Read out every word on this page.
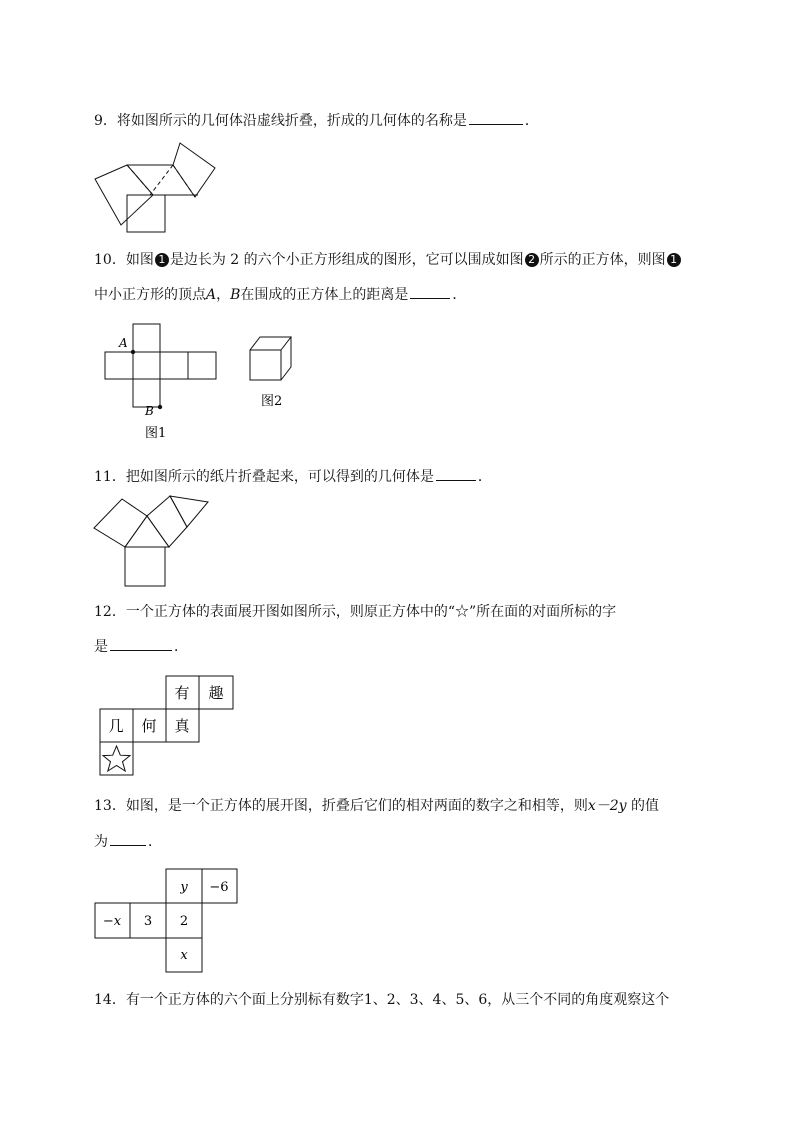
9．将如图所示的几何体沿虚线折叠，折成的几何体的名称是	．
10．如图 1 是边长为 2 的六个小正方形组成的图形，它可以围成如图 2 所示的正方体，则图 1
中小正方形的顶点A，B在围成的正方体上的距离是	．
A
B
图1
图2
11．把如图所示的纸片折叠起来，可以得到的几何体是	．
12．一个正方体的表面展开图如图所示，则原正方体中的“☆”所在面的对面所标的字
是	．
有 趣
几 何 真
13．如图，是一个正方体的展开图，折叠后它们的相对两面的数字之和相等，则x－2y 的值
为	．
y −6
−x 3 2
x
14．有一个正方体的六个面上分别标有数字1、2、3、4、5、6，从三个不同的角度观察这个
